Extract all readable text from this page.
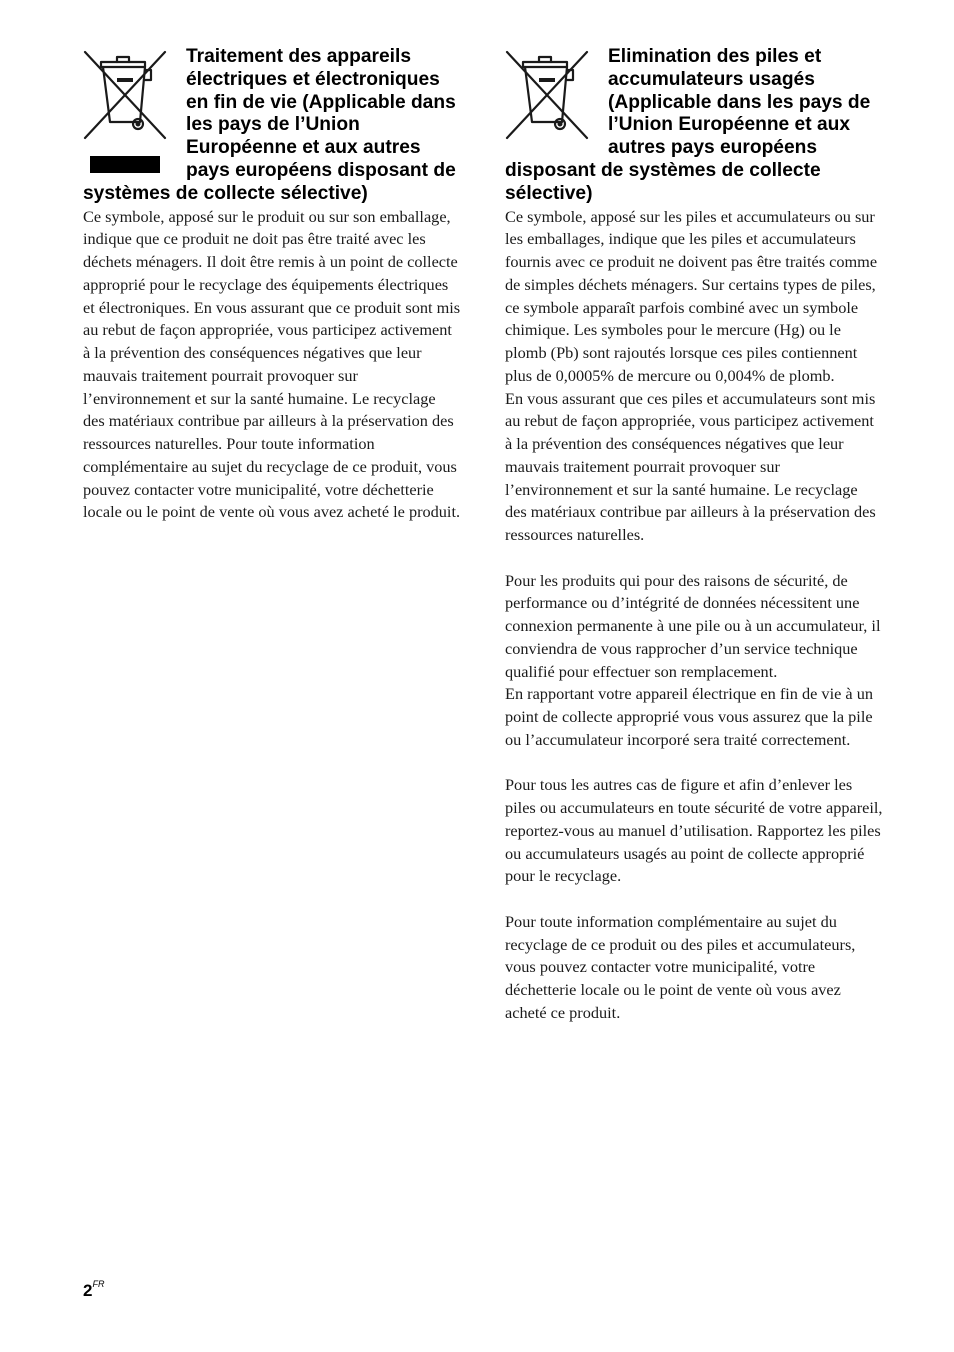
Traitement des appareils électriques et électroniques en fin de vie (Applicable dans les pays de l’Union Européenne et aux autres pays européens disposant de systèmes de collecte sélective)

Ce symbole, apposé sur le produit ou sur son emballage, indique que ce produit ne doit pas être traité avec les déchets ménagers. Il doit être remis à un point de collecte approprié pour le recyclage des équipements électriques et électroniques. En vous assurant que ce produit sont mis au rebut de façon appropriée, vous participez activement à la prévention des conséquences négatives que leur mauvais traitement pourrait provoquer sur l’environnement et sur la santé humaine. Le recyclage des matériaux contribue par ailleurs à la préservation des ressources naturelles. Pour toute information complémentaire au sujet du recyclage de ce produit, vous pouvez contacter votre municipalité, votre déchetterie locale ou le point de vente où vous avez acheté le produit.

Elimination des piles et accumulateurs usagés (Applicable dans les pays de l’Union Européenne et aux autres pays européens disposant de systèmes de collecte sélective)

Ce symbole, apposé sur les piles et accumulateurs ou sur les emballages, indique que les piles et accumulateurs fournis avec ce produit ne doivent pas être traités comme de simples déchets ménagers. Sur certains types de piles, ce symbole apparaît parfois combiné avec un symbole chimique. Les symboles pour le mercure (Hg) ou le plomb (Pb) sont rajoutés lorsque ces piles contiennent plus de 0,0005% de mercure ou 0,004% de plomb.

En vous assurant que ces piles et accumulateurs sont mis au rebut de façon appropriée, vous participez activement à la prévention des conséquences négatives que leur mauvais traitement pourrait provoquer sur l’environnement et sur la santé humaine. Le recyclage des matériaux contribue par ailleurs à la préservation des ressources naturelles.

Pour les produits qui pour des raisons de sécurité, de performance ou d’intégrité de données nécessitent une connexion permanente à une pile ou à un accumulateur, il conviendra de vous rapprocher d’un service technique qualifié pour effectuer son remplacement.

En rapportant votre appareil électrique en fin de vie à un point de collecte approprié vous vous assurez que la pile ou l’accumulateur incorporé sera traité correctement.

Pour tous les autres cas de figure et afin d’enlever les piles ou accumulateurs en toute sécurité de votre appareil, reportez-vous au manuel d’utilisation. Rapportez les piles ou accumulateurs usagés au point de collecte approprié pour le recyclage.

Pour toute information complémentaire au sujet du recyclage de ce produit ou des piles et accumulateurs, vous pouvez contacter votre municipalité, votre déchetterie locale ou le point de vente où vous avez acheté ce produit.

$2^{FR}$
